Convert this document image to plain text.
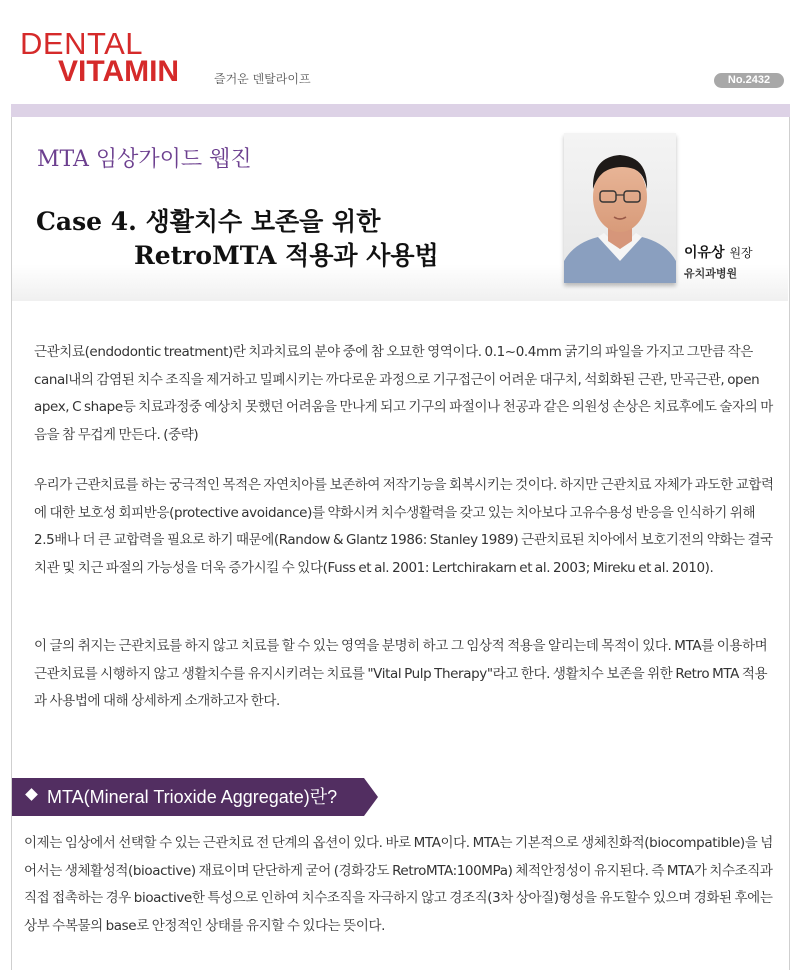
DENTAL
VITAMIN	즐거운 덴탈라이프	No.2432
MTA 임상가이드 웹진
Case 4. 생활치수 보존을 위한
RetroMTA 적용과 사용법	이유상 원장
유치과병원
근관치료(endodontic treatment)란 치과치료의 분야 중에 참 오묘한 영역이다. 0.1~0.4mm 굵기의 파일을 가지고 그만큼 작은 canal내의 감염된 치수 조직을 제거하고 밀폐시키는 까다로운 과정으로 기구접근이 어려운 대구치, 석회화된 근관, 만곡근관, open apex, C shape등 치료과정중 예상치 못했던 어려움을 만나게 되고 기구의 파절이나 천공과 같은 의원성 손상은 치료후에도 술자의 마음을 참 무겁게 만든다. (중략)
우리가 근관치료를 하는 궁극적인 목적은 자연치아를 보존하여 저작기능을 회복시키는 것이다. 하지만 근관치료 자체가 과도한 교합력에 대한 보호성 회피반응(protective avoidance)를 약화시켜 치수생활력을 갖고 있는 치아보다 고유수용성 반응을 인식하기 위해 2.5배나 더 큰 교합력을 필요로 하기 때문에(Randow & Glantz 1986: Stanley 1989) 근관치료된 치아에서 보호기전의 약화는 결국 치관 및 치근 파절의 가능성을 더욱 증가시킬 수 있다(Fuss et al. 2001: Lertchirakarn et al. 2003; Mireku et al. 2010).
이 글의 취지는 근관치료를 하지 않고 치료를 할 수 있는 영역을 분명히 하고 그 임상적 적용을 알리는데 목적이 있다. MTA를 이용하며 근관치료를 시행하지 않고 생활치수를 유지시키려는 치료를 "Vital Pulp Therapy"라고 한다. 생활치수 보존을 위한 Retro MTA 적용과 사용법에 대해 상세하게 소개하고자 한다.
MTA(Mineral Trioxide Aggregate)란?
이제는 임상에서 선택할 수 있는 근관치료 전 단계의 옵션이 있다. 바로 MTA이다. MTA는 기본적으로 생체친화적(biocompatible)을 넘어서는 생체활성적(bioactive) 재료이며 단단하게 굳어 (경화강도 RetroMTA:100MPa) 체적안정성이 유지된다. 즉 MTA가 치수조직과 직접 접촉하는 경우 bioactive한 특성으로 인하여 치수조직을 자극하지 않고 경조직(3차 상아질)형성을 유도할수 있으며 경화된 후에는 상부 수복물의 base로 안정적인 상태를 유지할 수 있다는 뜻이다.
